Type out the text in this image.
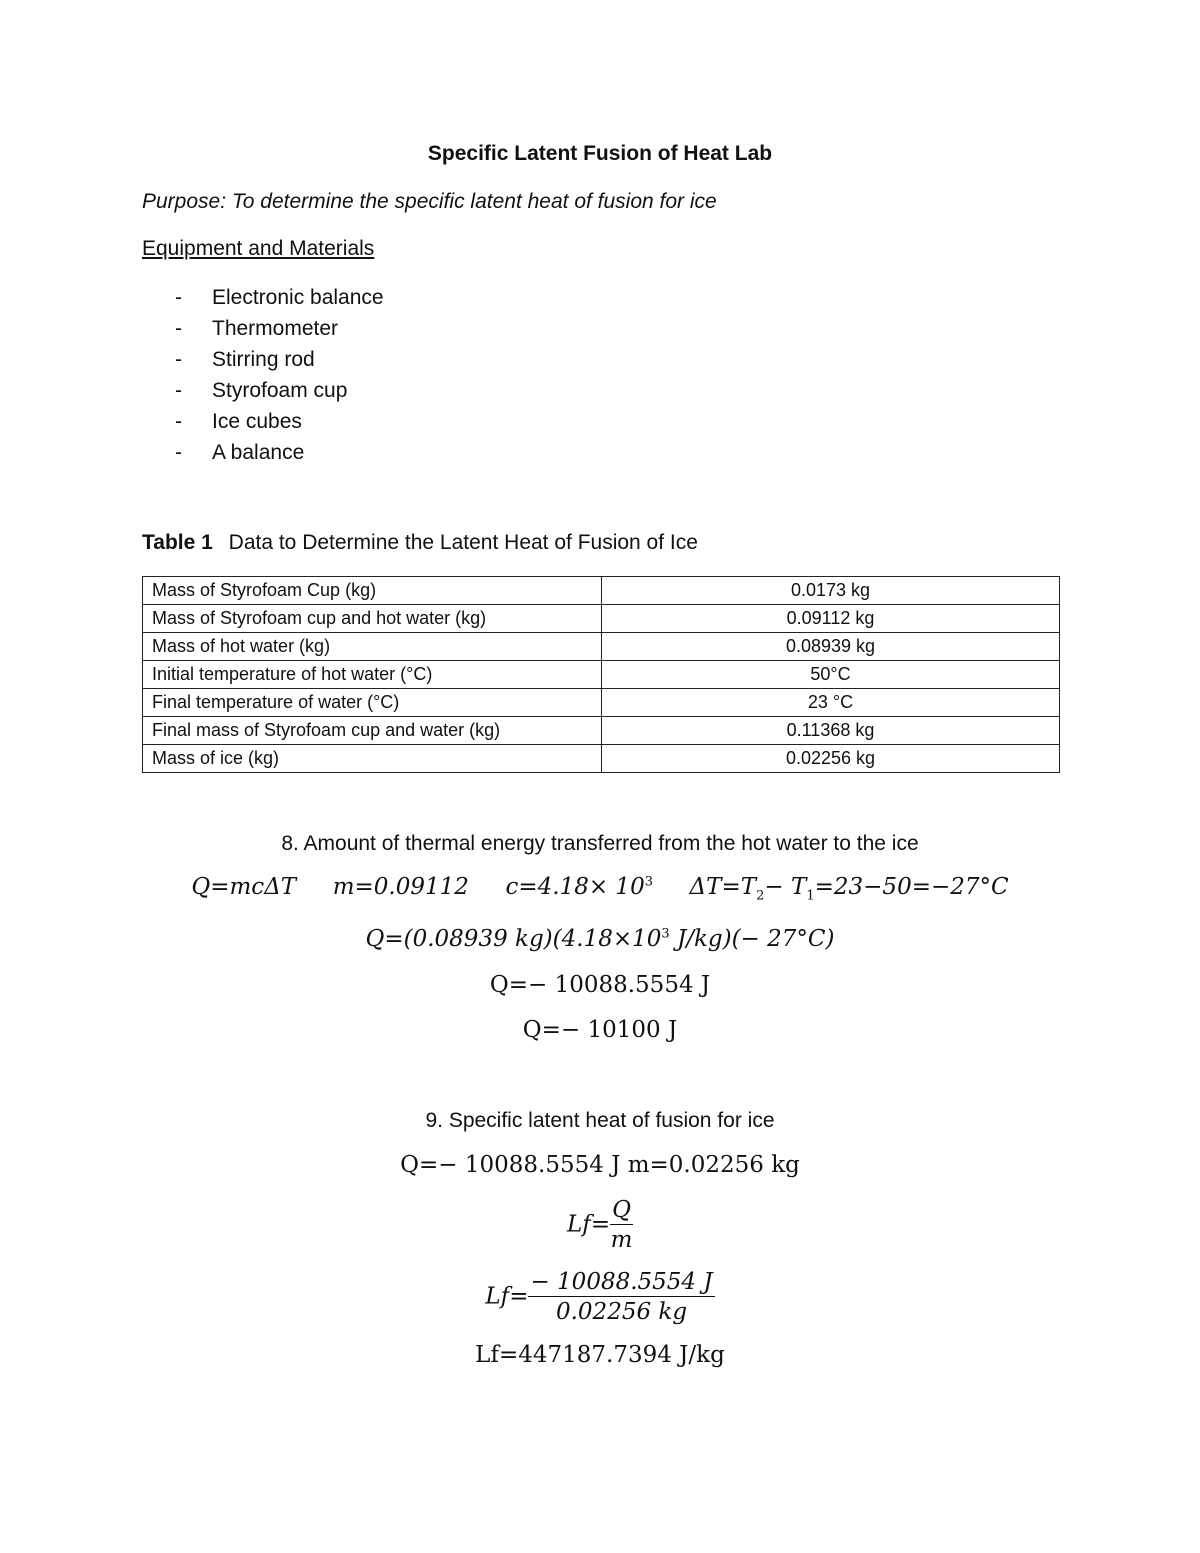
Specific Latent Fusion of Heat Lab
Purpose: To determine the specific latent heat of fusion for ice
Equipment and Materials
-	Electronic balance
-	Thermometer
-	Stirring rod
-	Styrofoam cup
-	Ice cubes
-	A balance
Table 1 Data to Determine the Latent Heat of Fusion of Ice
Mass of Styrofoam Cup (kg)	0.0173 kg
Mass of Styrofoam cup and hot water (kg)	0.09112 kg
Mass of hot water (kg)	0.08939 kg
Initial temperature of hot water (°C)	50°C
Final temperature of water (°C)	23 °C
Final mass of Styrofoam cup and water (kg)	0.11368 kg
Mass of ice (kg)	0.02256 kg
8. Amount of thermal energy transferred from the hot water to the ice
Q=mcΔT m=0.09112 $c=4.18\times 10^3$ $\Delta T=T_2- T_1=23-50=-27^\circ C$
Q=(0.08939 $kg)(4.18\times 10^3$ J/kg)(− 27°C)
Q=− 10088.5554 J
Q=− 10100 J
9. Specific latent heat of fusion for ice
Q=− 10088.5554 J m=0.02256 kg
$Lf= \frac{Q}{m}$
$Lf= \frac{- 10088.5554 J}{0.02256 kg}$
Lf=447187.7394 J/kg
